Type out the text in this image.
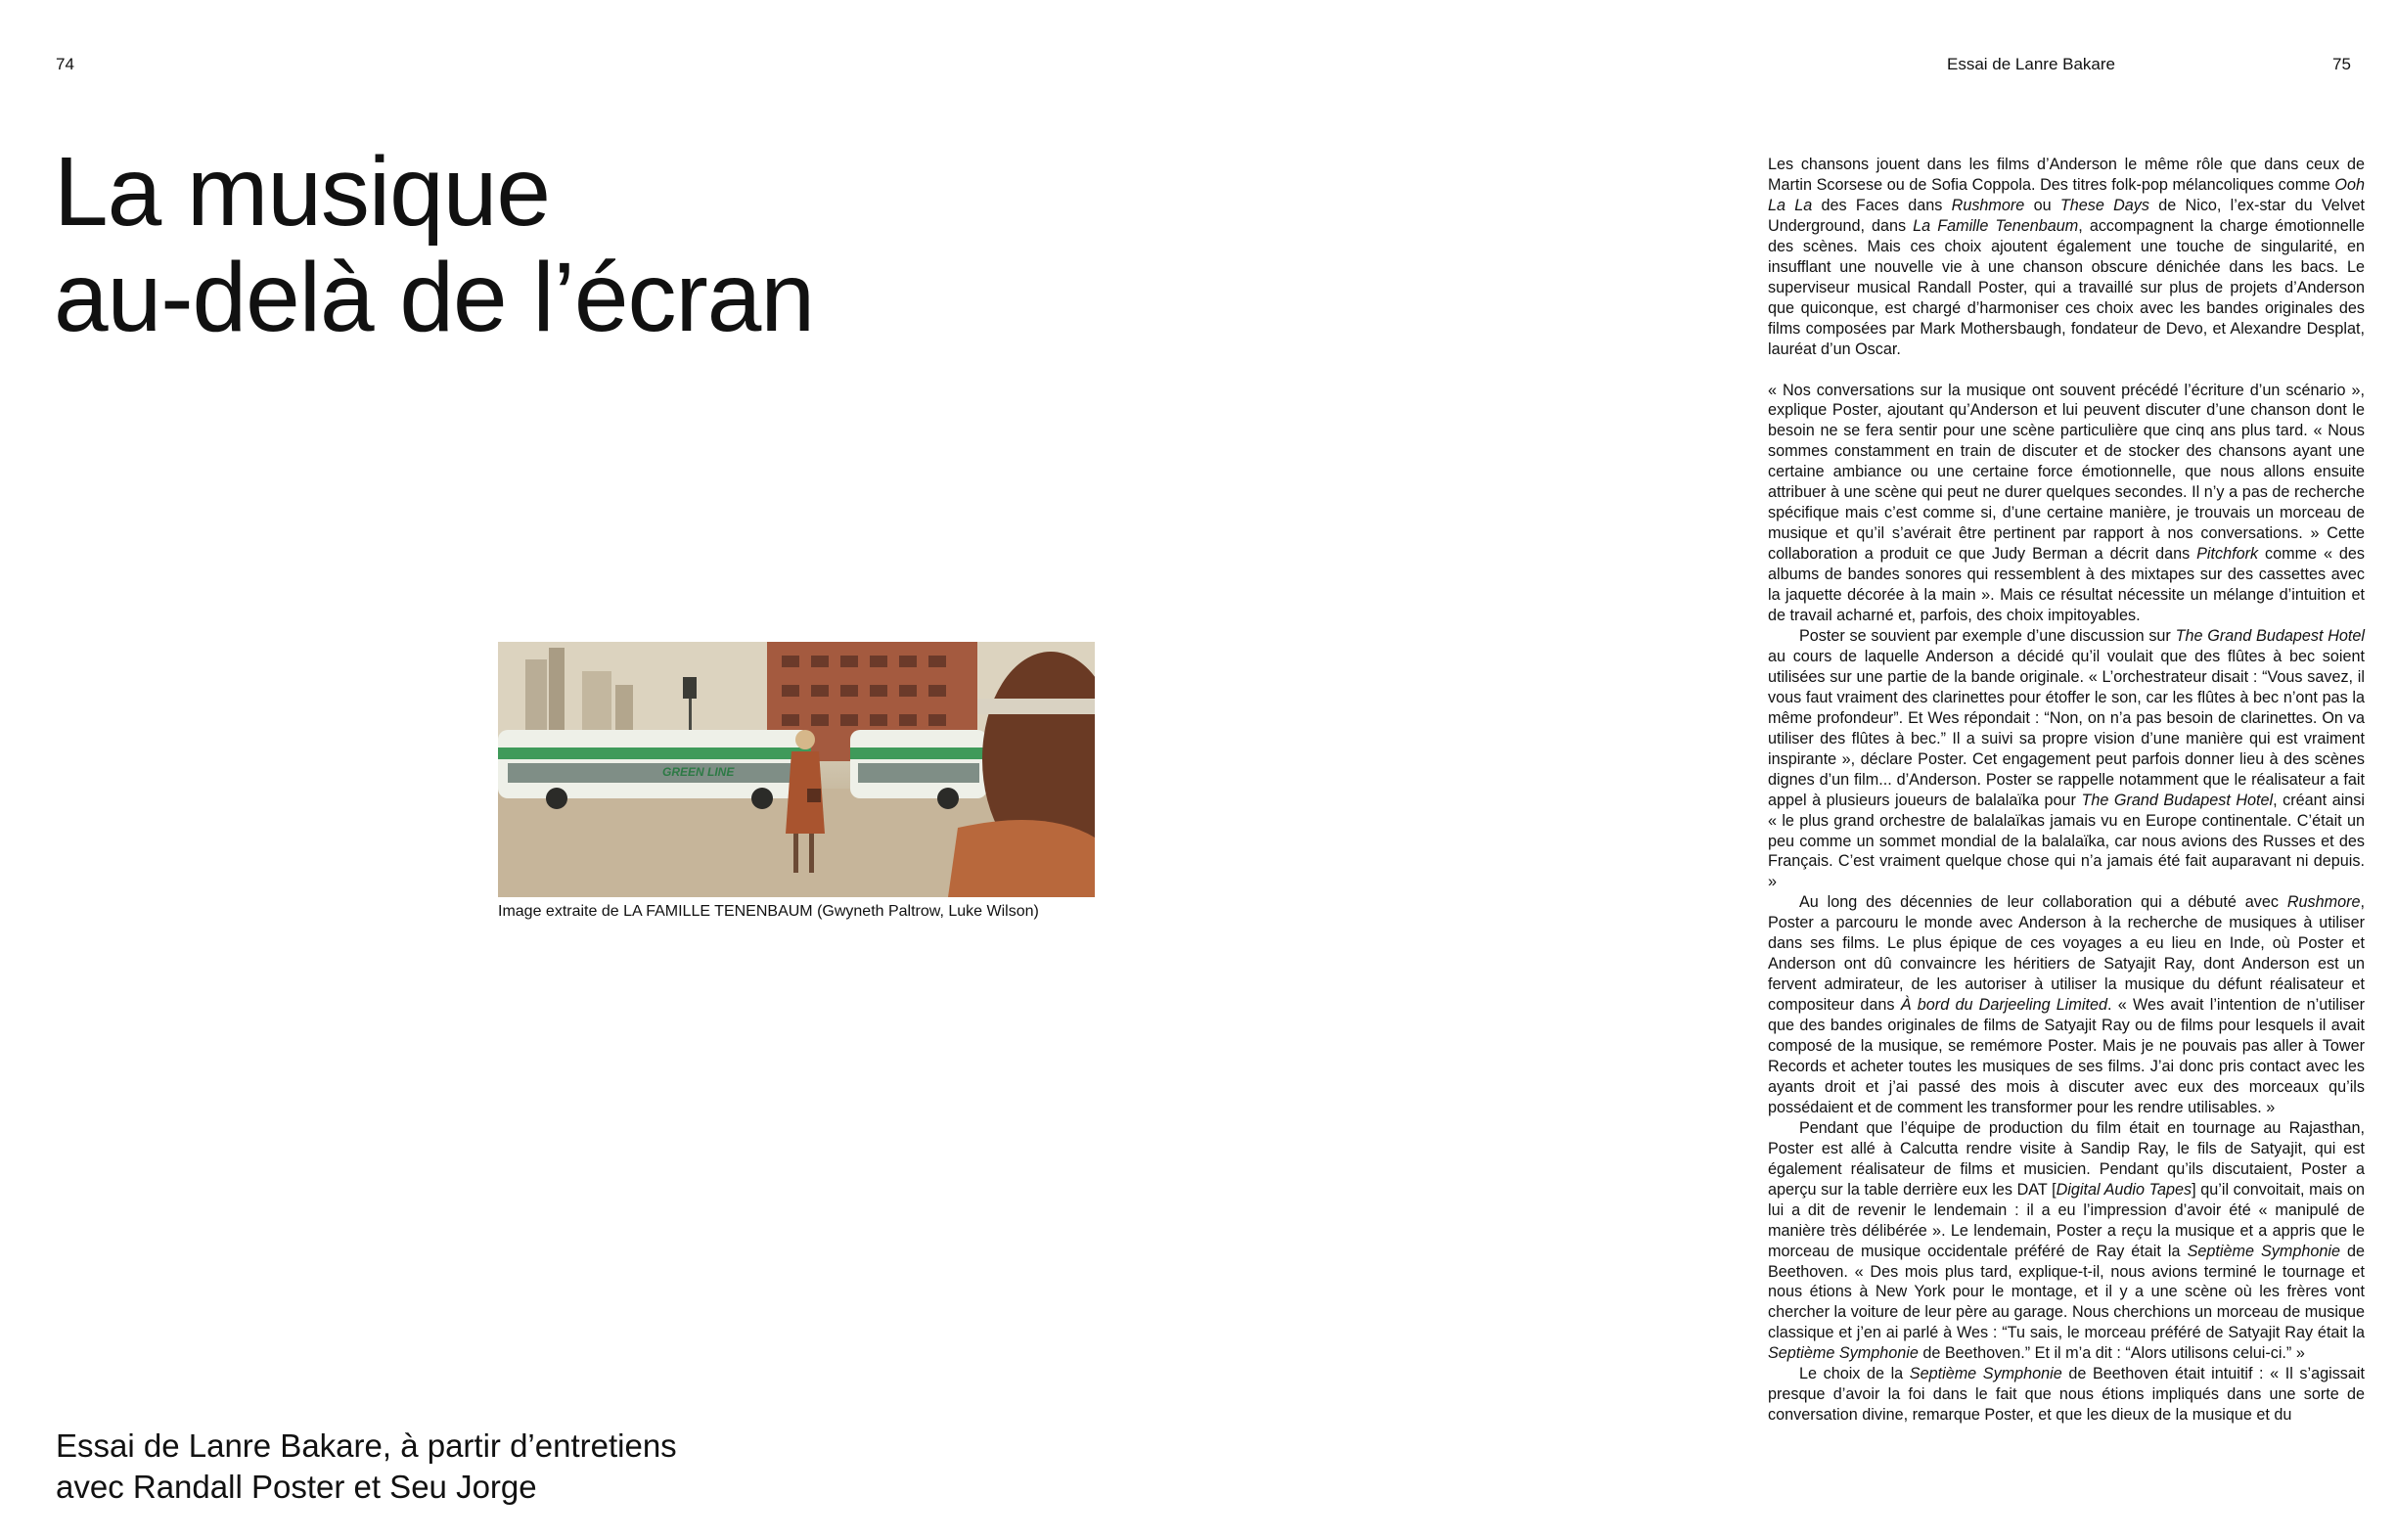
74	Essai de Lanre Bakare	75
La musique
au-delà de l’écran
GREEN LINE
Image extraite de LA FAMILLE TENENBAUM (Gwyneth Paltrow, Luke Wilson)
Essai de Lanre Bakare, à partir d’entretiens
avec Randall Poster et Seu Jorge

Les chansons jouent dans les films d’Anderson le même rôle que dans ceux de Martin Scorsese ou de Sofia Coppola. Des titres folk-pop mélancoliques comme Ooh La La des Faces dans Rushmore ou These Days de Nico, l’ex-star du Velvet Underground, dans La Famille Tenenbaum, accompagnent la charge émotionnelle des scènes. Mais ces choix ajoutent également une touche de singularité, en insufflant une nouvelle vie à une chanson obscure dénichée dans les bacs. Le superviseur musical Randall Poster, qui a travaillé sur plus de projets d’Anderson que quiconque, est chargé d’harmoniser ces choix avec les bandes originales des films composées par Mark Mothersbaugh, fondateur de Devo, et Alexandre Desplat, lauréat d’un Oscar.

« Nos conversations sur la musique ont souvent précédé l’écriture d’un scénario », explique Poster, ajoutant qu’Anderson et lui peuvent discuter d’une chanson dont le besoin ne se fera sentir pour une scène particulière que cinq ans plus tard. « Nous sommes constamment en train de discuter et de stocker des chansons ayant une certaine ambiance ou une certaine force émotionnelle, que nous allons ensuite attribuer à une scène qui peut ne durer quelques secondes. Il n’y a pas de recherche spécifique mais c’est comme si, d’une certaine manière, je trouvais un morceau de musique et qu’il s’avérait être pertinent par rapport à nos conversations. » Cette collaboration a produit ce que Judy Berman a décrit dans Pitchfork comme « des albums de bandes sonores qui ressemblent à des mixtapes sur des cassettes avec la jaquette décorée à la main ». Mais ce résultat nécessite un mélange d’intuition et de travail acharné et, parfois, des choix impitoyables.

Poster se souvient par exemple d’une discussion sur The Grand Budapest Hotel au cours de laquelle Anderson a décidé qu’il voulait que des flûtes à bec soient utilisées sur une partie de la bande originale. « L’orchestrateur disait : “Vous savez, il vous faut vraiment des clarinettes pour étoffer le son, car les flûtes à bec n’ont pas la même profondeur”. Et Wes répondait : “Non, on n’a pas besoin de clarinettes. On va utiliser des flûtes à bec.” Il a suivi sa propre vision d’une manière qui est vraiment inspirante », déclare Poster. Cet engagement peut parfois donner lieu à des scènes dignes d’un film... d’Anderson. Poster se rappelle notamment que le réalisateur a fait appel à plusieurs joueurs de balalaïka pour The Grand Budapest Hotel, créant ainsi « le plus grand orchestre de balalaïkas jamais vu en Europe continentale. C’était un peu comme un sommet mondial de la balalaïka, car nous avions des Russes et des Français. C’est vraiment quelque chose qui n’a jamais été fait auparavant ni depuis. »

Au long des décennies de leur collaboration qui a débuté avec Rushmore, Poster a parcouru le monde avec Anderson à la recherche de musiques à utiliser dans ses films. Le plus épique de ces voyages a eu lieu en Inde, où Poster et Anderson ont dû convaincre les héritiers de Satyajit Ray, dont Anderson est un fervent admirateur, de les autoriser à utiliser la musique du défunt réalisateur et compositeur dans À bord du Darjeeling Limited. « Wes avait l’intention de n’utiliser que des bandes originales de films de Satyajit Ray ou de films pour lesquels il avait composé de la musique, se remémore Poster. Mais je ne pouvais pas aller à Tower Records et acheter toutes les musiques de ses films. J’ai donc pris contact avec les ayants droit et j’ai passé des mois à discuter avec eux des morceaux qu’ils possédaient et de comment les transformer pour les rendre utilisables. »

Pendant que l’équipe de production du film était en tournage au Rajasthan, Poster est allé à Calcutta rendre visite à Sandip Ray, le fils de Satyajit, qui est également réalisateur de films et musicien. Pendant qu’ils discutaient, Poster a aperçu sur la table derrière eux les DAT [Digital Audio Tapes] qu’il convoitait, mais on lui a dit de revenir le lendemain : il a eu l’impression d’avoir été « manipulé de manière très délibérée ». Le lendemain, Poster a reçu la musique et a appris que le morceau de musique occidentale préféré de Ray était la Septième Symphonie de Beethoven. « Des mois plus tard, explique-t-il, nous avions terminé le tournage et nous étions à New York pour le montage, et il y a une scène où les frères vont chercher la voiture de leur père au garage. Nous cherchions un morceau de musique classique et j’en ai parlé à Wes : “Tu sais, le morceau préféré de Satyajit Ray était la Septième Symphonie de Beethoven.” Et il m’a dit : “Alors utilisons celui-ci.” »

Le choix de la Septième Symphonie de Beethoven était intuitif : « Il s’agissait presque d’avoir la foi dans le fait que nous étions impliqués dans une sorte de conversation divine, remarque Poster, et que les dieux de la musique et du
